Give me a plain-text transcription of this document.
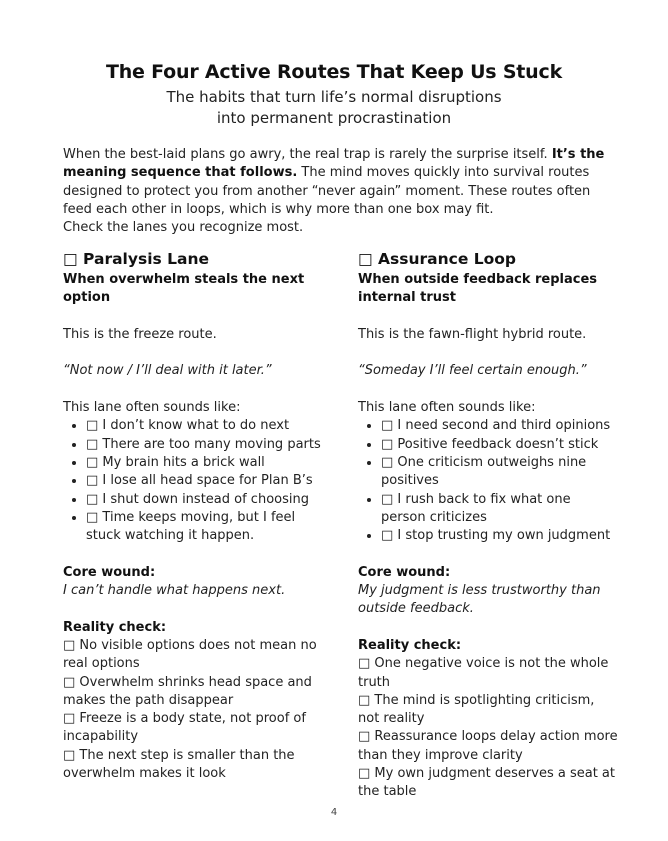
The Four Active Routes That Keep Us Stuck
The habits that turn life’s normal disruptions into permanent procrastination
When the best-laid plans go awry, the real trap is rarely the surprise itself. It’s the meaning sequence that follows. The mind moves quickly into survival routes designed to protect you from another “never again” moment. These routes often feed each other in loops, which is why more than one box may fit.
Check the lanes you recognize most.
□ Paralysis Lane
When overwhelm steals the next option
This is the freeze route.
“Not now / I’ll deal with it later.”
This lane often sounds like:
• □ I don’t know what to do next
• □ There are too many moving parts
• □ My brain hits a brick wall
• □ I lose all head space for Plan B’s
• □ I shut down instead of choosing
• □ Time keeps moving, but I feel stuck watching it happen.
Core wound:
I can’t handle what happens next.
Reality check:
□ No visible options does not mean no real options
□ Overwhelm shrinks head space and makes the path disappear
□ Freeze is a body state, not proof of incapability
□ The next step is smaller than the overwhelm makes it look
□ Assurance Loop
When outside feedback replaces internal trust
This is the fawn-flight hybrid route.
“Someday I’ll feel certain enough.”
This lane often sounds like:
• □ I need second and third opinions
• □ Positive feedback doesn’t stick
• □ One criticism outweighs nine positives
• □ I rush back to fix what one person criticizes
• □ I stop trusting my own judgment
Core wound:
My judgment is less trustworthy than outside feedback.
Reality check:
□ One negative voice is not the whole truth
□ The mind is spotlighting criticism, not reality
□ Reassurance loops delay action more than they improve clarity
□ My own judgment deserves a seat at the table
4
